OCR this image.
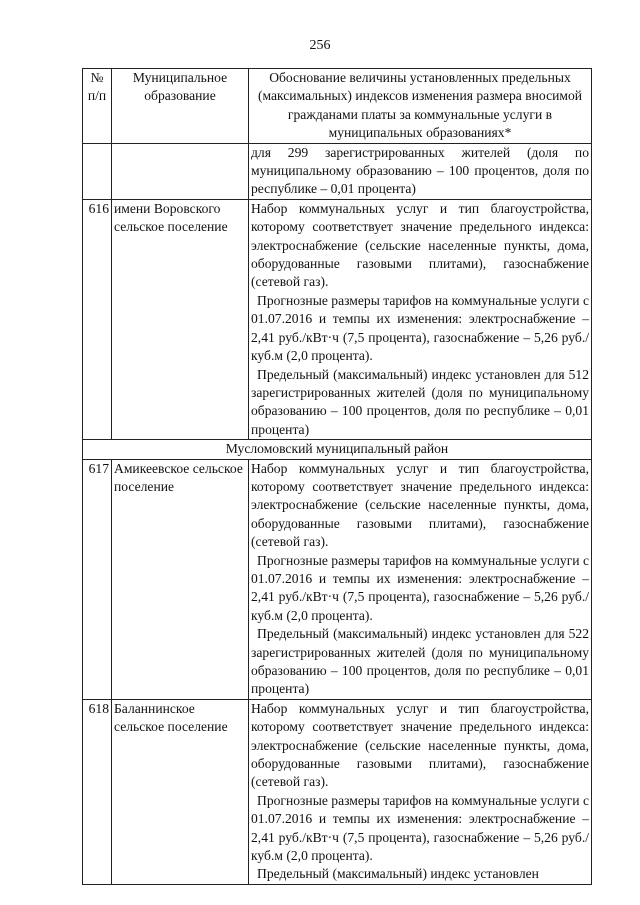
256
№ п/п	Муниципальное образование	Обоснование величины установленных предельных (максимальных) индексов изменения размера вносимой гражданами платы за коммунальные услуги в муниципальных образованиях*
		для 299 зарегистрированных жителей (доля по муниципальному образованию – 100 процентов, доля по республике – 0,01 процента)
616	имени Воровского сельское поселение	Набор коммунальных услуг и тип благоустройства, которому соответствует значение предельного индекса: электроснабжение (сельские населенные пункты, дома, оборудованные газовыми плитами), газоснабжение (сетевой газ).

Прогнозные размеры тарифов на коммунальные услуги с 01.07.2016 и темпы их изменения: электроснабжение – 2,41 руб./кВт·ч (7,5 процента), газоснабжение – 5,26 руб./куб.м (2,0 процента).

Предельный (максимальный) индекс установлен для 512 зарегистрированных жителей (доля по муниципальному образованию – 100 процентов, доля по республике – 0,01 процента)

Мусломовский муниципальный район		
617	Амикеевское сельское поселение	Набор коммунальных услуг и тип благоустройства, которому соответствует значение предельного индекса: электроснабжение (сельские населенные пункты, дома, оборудованные газовыми плитами), газоснабжение (сетевой газ).

Прогнозные размеры тарифов на коммунальные услуги с 01.07.2016 и темпы их изменения: электроснабжение – 2,41 руб./кВт·ч (7,5 процента), газоснабжение – 5,26 руб./куб.м (2,0 процента).

Предельный (максимальный) индекс установлен для 522 зарегистрированных жителей (доля по муниципальному образованию – 100 процентов, доля по республике – 0,01 процента)

618	Баланнинское сельское поселение	Набор коммунальных услуг и тип благоустройства, которому соответствует значение предельного индекса: электроснабжение (сельские населенные пункты, дома, оборудованные газовыми плитами), газоснабжение (сетевой газ).

Прогнозные размеры тарифов на коммунальные услуги с 01.07.2016 и темпы их изменения: электроснабжение – 2,41 руб./кВт·ч (7,5 процента), газоснабжение – 5,26 руб./куб.м (2,0 процента).

Предельный (максимальный) индекс установлен
